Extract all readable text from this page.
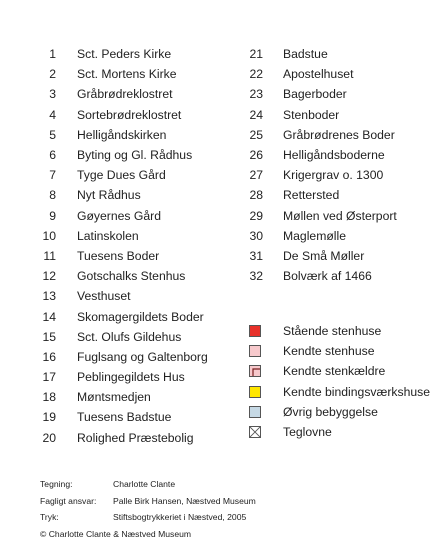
1 Sct. Peders Kirke
2 Sct. Mortens Kirke
3 Gråbrødreklostret
4 Sortebrødreklostret
5 Helligåndskirken
6 Byting og Gl. Rådhus
7 Tyge Dues Gård
8 Nyt Rådhus
9 Gøyernes Gård
10 Latinskolen
11 Tuesens Boder
12 Gotschalks Stenhus
13 Vesthuset
14 Skomagergildets Boder
15 Sct. Olufs Gildehus
16 Fuglsang og Galtenborg
17 Peblingegildets Hus
18 Møntsmedjen
19 Tuesens Badstue
20 Rolighed Præstebolig
21 Badstue
22 Apostelhuset
23 Bagerboder
24 Stenboder
25 Gråbrødrenes Boder
26 Helligåndsboderne
27 Krigergrav o. 1300
28 Rettersted
29 Møllen ved Østerport
30 Maglemølle
31 De Små Møller
32 Bolværk af 1466
Stående stenhuse
Kendte stenhuse
Kendte stenkældre
Kendte bindingsværkshuse
Øvrig bebyggelse
Teglovne
Tegning:	Charlotte Clante
Fagligt ansvar:	Palle Birk Hansen, Næstved Museum
Tryk:	Stiftsbogtrykkeriet i Næstved, 2005
© Charlotte Clante & Næstved Museum
